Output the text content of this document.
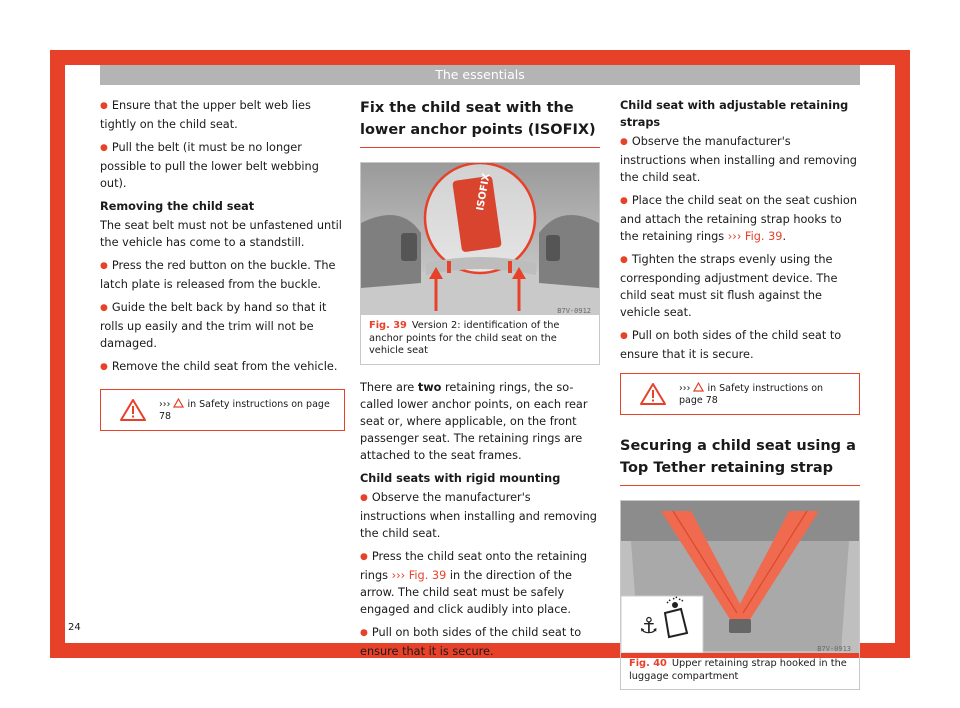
The essentials

● Ensure that the upper belt web lies tightly on the child seat.

● Pull the belt (it must be no longer possible to pull the lower belt webbing out).

Removing the child seat

The seat belt must not be unfastened until the vehicle has come to a standstill.

● Press the red button on the buckle. The latch plate is released from the buckle.

● Guide the belt back by hand so that it rolls up easily and the trim will not be damaged.

● Remove the child seat from the vehicle.

››› in Safety instructions on page 78
Fix the child seat with the lower anchor points (ISOFIX)
ISOFIX
B7V-0912
Fig. 39 Version 2: identification of the anchor points for the child seat on the vehicle seat

There are two retaining rings, the so-called lower anchor points, on each rear seat or, where applicable, on the front passenger seat. The retaining rings are attached to the seat frames.

Child seats with rigid mounting

● Observe the manufacturer's instructions when installing and removing the child seat.

● Press the child seat onto the retaining rings ››› Fig. 39 in the direction of the arrow. The child seat must be safely engaged and click audibly into place.

● Pull on both sides of the child seat to ensure that it is secure.

Child seat with adjustable retaining straps

● Observe the manufacturer's instructions when installing and removing the child seat.

● Place the child seat on the seat cushion and attach the retaining strap hooks to the retaining rings ››› Fig. 39.

● Tighten the straps evenly using the corresponding adjustment device. The child seat must sit flush against the vehicle seat.

● Pull on both sides of the child seat to ensure that it is secure.

››› in Safety instructions on page 78
Securing a child seat using a Top Tether retaining strap
⚓
B7V-0913
Fig. 40 Upper retaining strap hooked in the luggage compartment
24
